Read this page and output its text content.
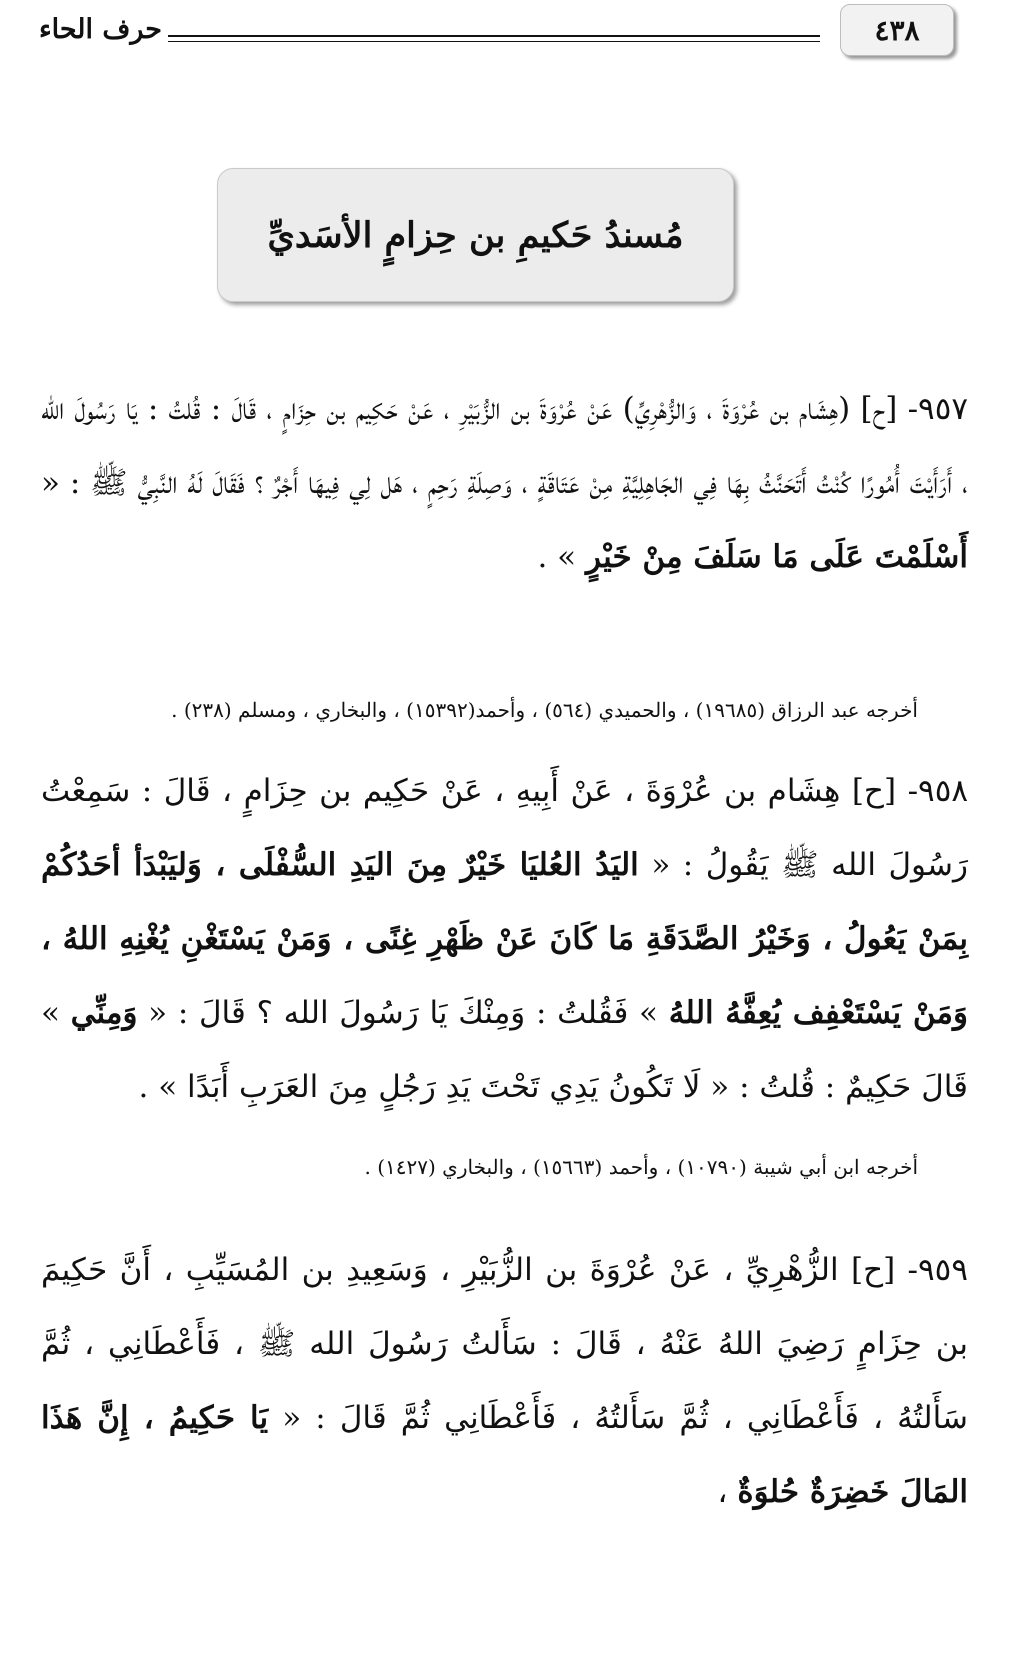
حرف الحاء	٤٣٨
مُسندُ حَكيمِ بن حِزامٍ الأسَديِّ
٩٥٧- [ح] (هِشَام بن عُرْوَةَ ، وَالزُّهْرِيِّ) عَنْ عُرْوَةَ بن الزُّبَيْرِ ، عَنْ حَكِيم بن حِزَامٍ ، قَالَ : قُلتُ : يَا رَسُولَ الله ، أَرَأَيْتَ أُمُورًا كُنْتُ أَتَحَنَّثُ بِهَا فِي الجَاهِلِيَّةِ مِنْ عَتَاقَةٍ ، وَصِلَةِ رَحِمٍ ، هَل لِي فِيهَا أَجْرٌ ؟ فَقَالَ لَهُ النَّبِيُّ ﷺ : « أَسْلَمْتَ عَلَى مَا سَلَفَ مِنْ خَيْرٍ » .
أخرجه عبد الرزاق (١٩٦٨٥) ، والحميدي (٥٦٤) ، وأحمد(١٥٣٩٢) ، والبخاري ، ومسلم (٢٣٨) .
٩٥٨- [ح] هِشَام بن عُرْوَةَ ، عَنْ أَبِيهِ ، عَنْ حَكِيم بن حِزَامٍ ، قَالَ : سَمِعْتُ رَسُولَ الله ﷺ يَقُولُ : « اليَدُ العُليَا خَيْرٌ مِنَ اليَدِ السُّفْلَى ، وَليَبْدَأ أحَدُكُمْ بِمَنْ يَعُولُ ، وَخَيْرُ الصَّدَقَةِ مَا كَانَ عَنْ ظَهْرِ غِنًى ، وَمَنْ يَسْتَغْنِ يُغْنِهِ اللهُ ، وَمَنْ يَسْتَعْفِف يُعِفَّهُ اللهُ » فَقُلتُ : وَمِنْكَ يَا رَسُولَ الله ؟ قَالَ : « وَمِنِّي » قَالَ حَكِيمٌ : قُلتُ : « لَا تَكُونُ يَدِي تَحْتَ يَدِ رَجُلٍ مِنَ العَرَبِ أَبَدًا » .
أخرجه ابن أبي شيبة (١٠٧٩٠) ، وأحمد (١٥٦٦٣) ، والبخاري (١٤٢٧) .
٩٥٩- [ح] الزُّهْرِيِّ ، عَنْ عُرْوَةَ بن الزُّبَيْرِ ، وَسَعِيدِ بن المُسَيِّبِ ، أَنَّ حَكِيمَ بن حِزَامٍ رَضِيَ اللهُ عَنْهُ ، قَالَ : سَأَلتُ رَسُولَ الله ﷺ ، فَأَعْطَانِي ، ثُمَّ سَأَلتُهُ ، فَأَعْطَانِي ، ثُمَّ سَأَلتُهُ ، فَأَعْطَانِي ثُمَّ قَالَ : « يَا حَكِيمُ ، إِنَّ هَذَا المَالَ خَضِرَةٌ حُلوَةٌ ،
